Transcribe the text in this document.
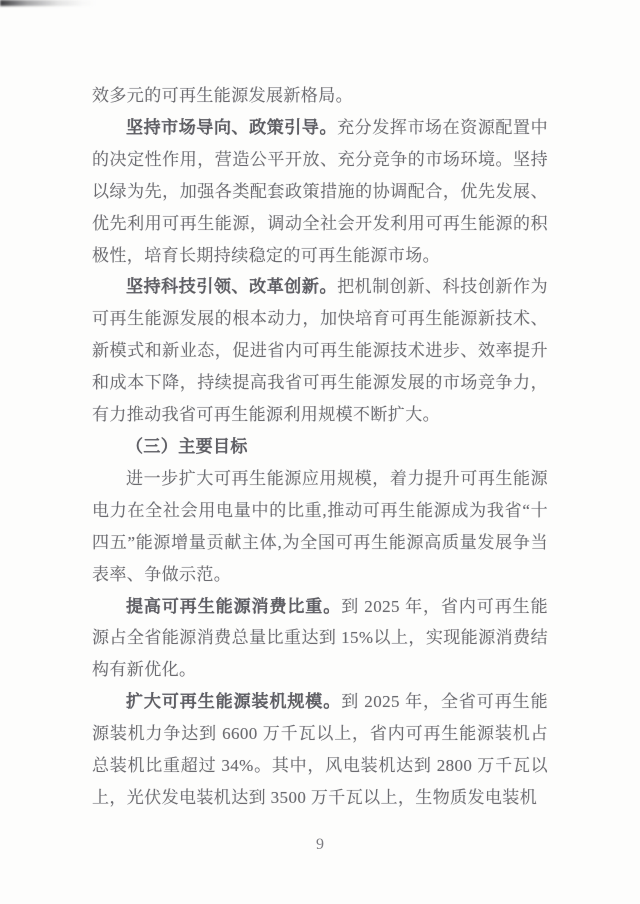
效多元的可再生能源发展新格局。

坚持市场导向、政策引导。充分发挥市场在资源配置中的决定性作用，营造公平开放、充分竞争的市场环境。坚持以绿为先，加强各类配套政策措施的协调配合，优先发展、优先利用可再生能源，调动全社会开发利用可再生能源的积极性，培育长期持续稳定的可再生能源市场。

坚持科技引领、改革创新。把机制创新、科技创新作为可再生能源发展的根本动力，加快培育可再生能源新技术、新模式和新业态，促进省内可再生能源技术进步、效率提升和成本下降，持续提高我省可再生能源发展的市场竞争力，有力推动我省可再生能源利用规模不断扩大。

（三）主要目标

进一步扩大可再生能源应用规模，着力提升可再生能源电力在全社会用电量中的比重,推动可再生能源成为我省“十四五”能源增量贡献主体,为全国可再生能源高质量发展争当表率、争做示范。

提高可再生能源消费比重。到 2025 年，省内可再生能源占全省能源消费总量比重达到 15%以上，实现能源消费结构有新优化。

扩大可再生能源装机规模。到 2025 年，全省可再生能源装机力争达到 6600 万千瓦以上，省内可再生能源装机占总装机比重超过 34%。其中，风电装机达到 2800 万千瓦以上，光伏发电装机达到 3500 万千瓦以上，生物质发电装机

9
